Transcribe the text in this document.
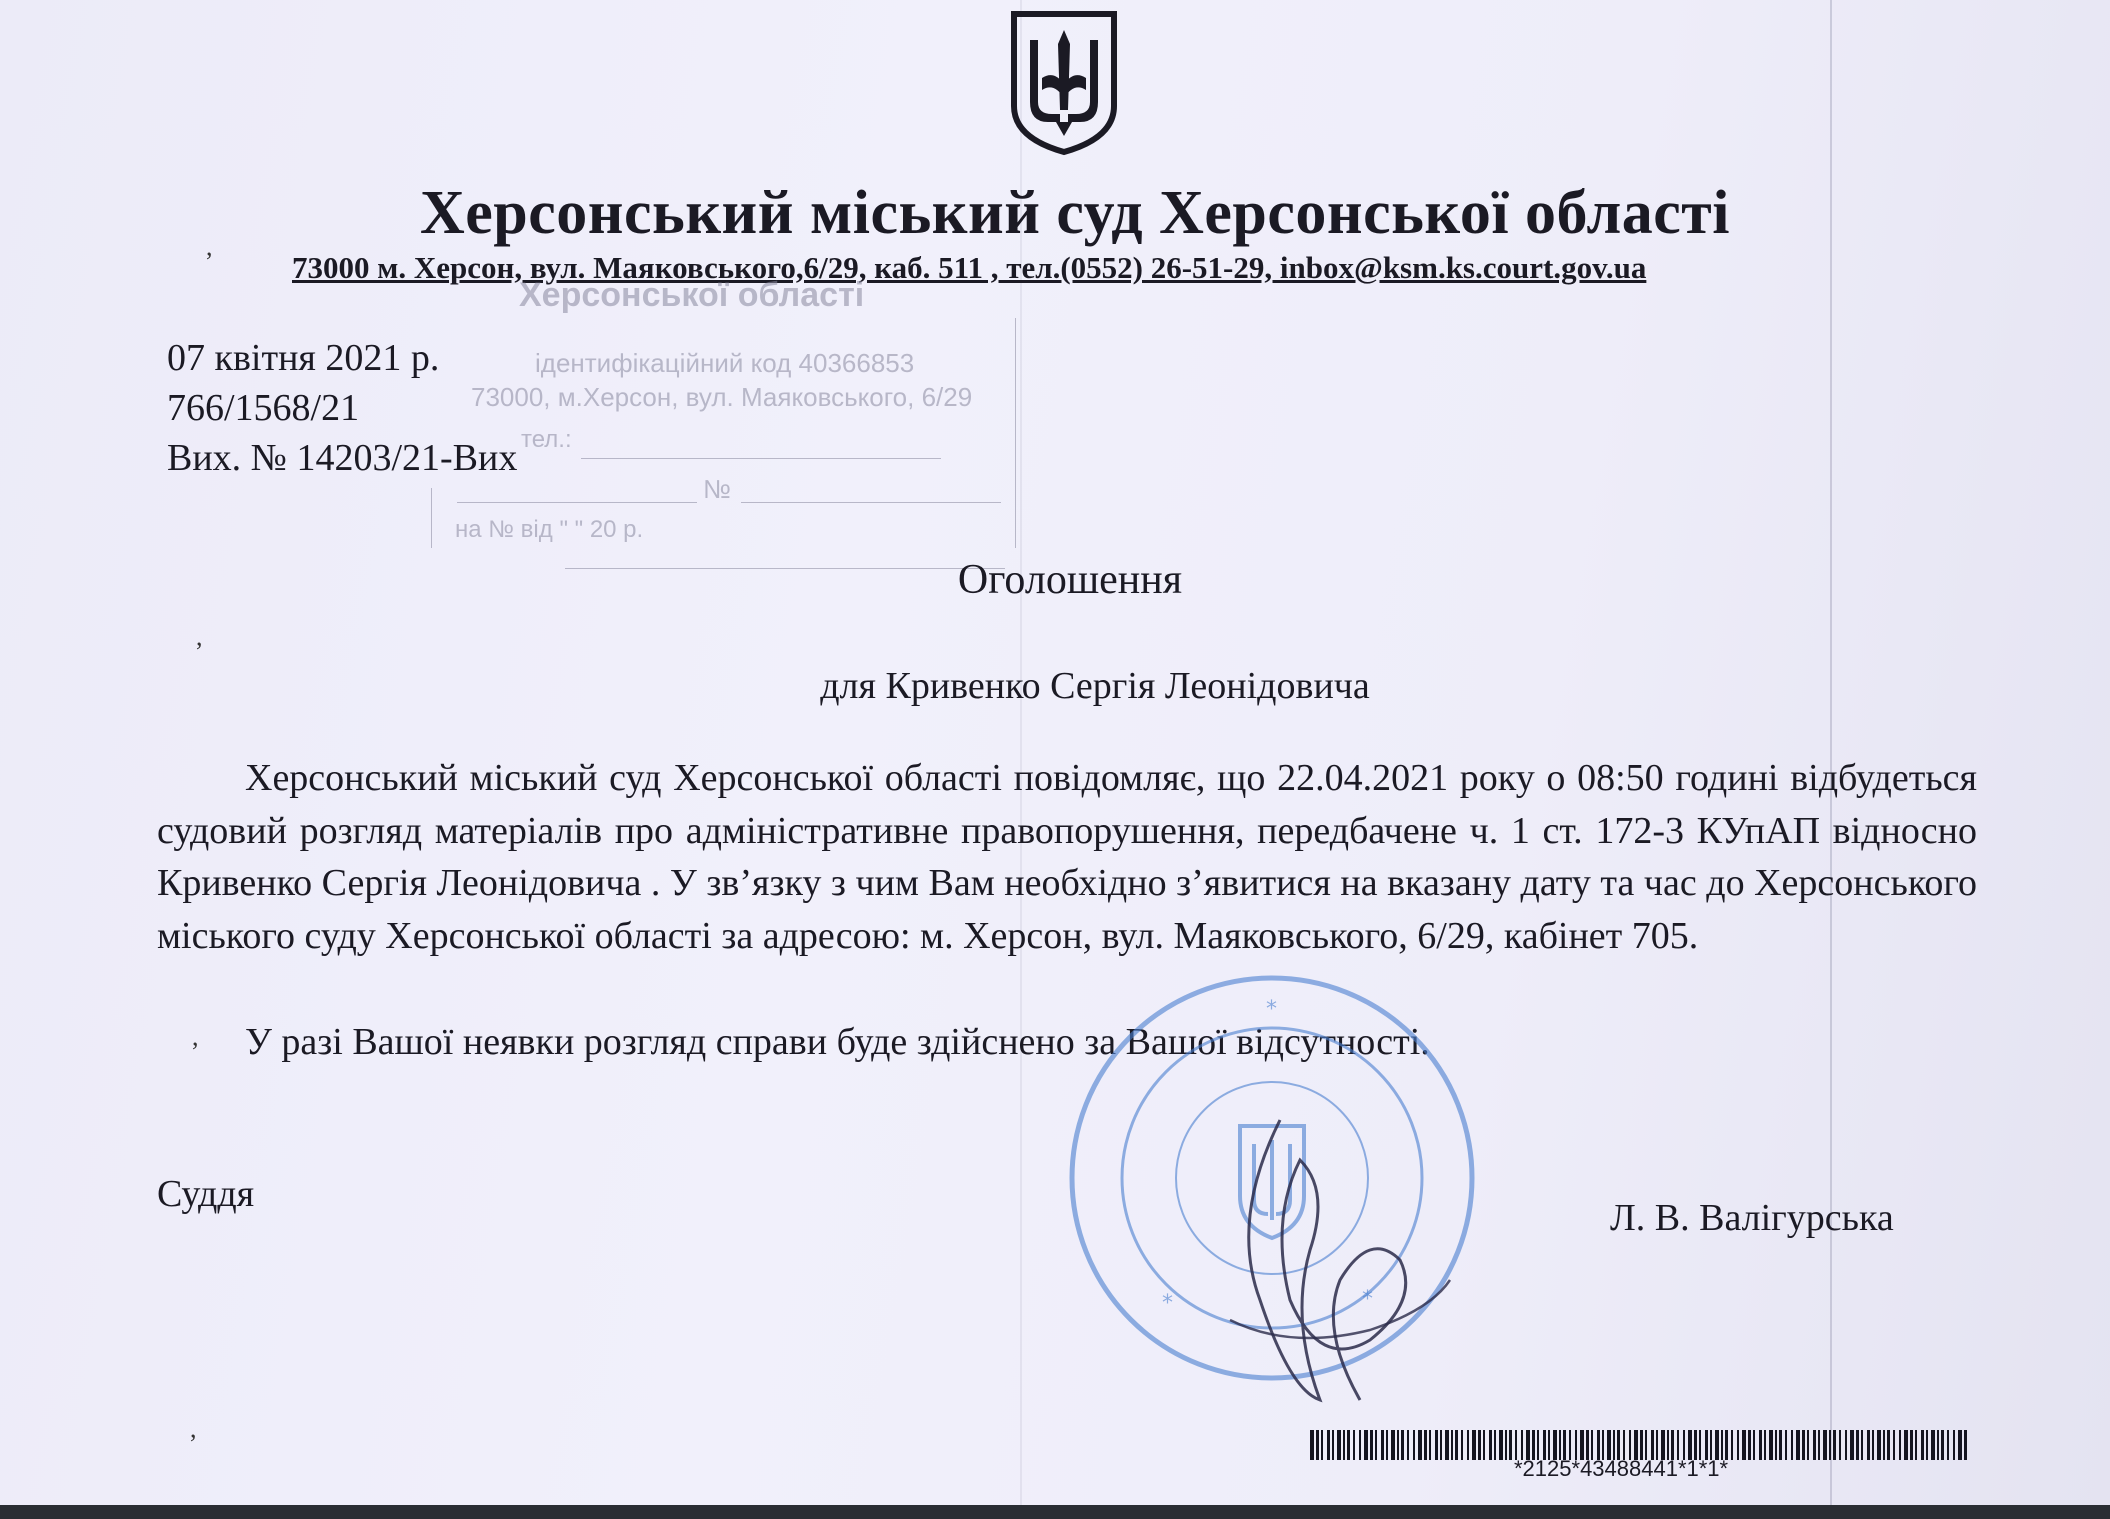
Херсонський міський суд Херсонської області
73000 м. Херсон, вул. Маяковського,6/29, каб. 511 , тел.(0552) 26-51-29, inbox@ksm.ks.court.gov.ua
Херсонської області
ідентифікаційний код 40366853
73000, м.Херсон, вул. Маяковського, 6/29
тел.:
№
на № від " " 20 р.
07 квітня 2021 р.
766/1568/21
Вих. № 14203/21-Вих
Оголошення
для Кривенко Сергія Леонідовича
Херсонський міський суд Херсонської області повідомляє, що 22.04.2021 року о 08:50 годині відбудеться судовий розгляд матеріалів про адміністративне правопорушення, передбачене ч. 1 ст. 172-3 КУпАП відносно Кривенко Сергія Леонідовича . У зв’язку з чим Вам необхідно з’явитися на вказану дату та час до Херсонського міського суду Херсонської області за адресою: м. Херсон, вул. Маяковського, 6/29, кабінет 705.
У разі Вашої неявки розгляд справи буде здійснено за Вашої відсутності.
Суддя
*
*	*
Л. В. Валігурська
*2125*43488441*1*1*
,
,
,
,
